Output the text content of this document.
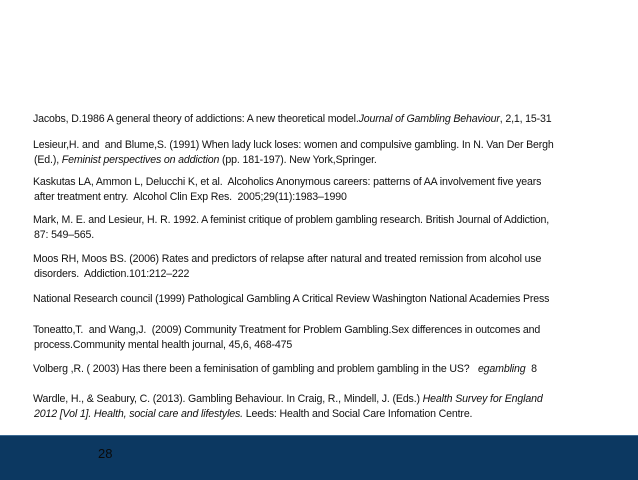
Jacobs, D.1986 A general theory of addictions: A new theoretical model.Journal of Gambling Behaviour, 2,1, 15-31
Lesieur,H. and  and Blume,S. (1991) When lady luck loses: women and compulsive gambling. In N. Van Der Bergh
(Ed.), Feminist perspectives on addiction (pp. 181-197). New York,Springer.
Kaskutas LA, Ammon L, Delucchi K, et al.  Alcoholics Anonymous careers: patterns of AA involvement five years
after treatment entry.  Alcohol Clin Exp Res.  2005;29(11):1983–1990
Mark, M. E. and Lesieur, H. R. 1992. A feminist critique of problem gambling research. British Journal of Addiction,
87: 549–565.
Moos RH, Moos BS. (2006) Rates and predictors of relapse after natural and treated remission from alcohol use
disorders.  Addiction.101:212–222
National Research council (1999) Pathological Gambling A Critical Review Washington National Academies Press
Toneatto,T.  and Wang,J.  (2009) Community Treatment for Problem Gambling.Sex differences in outcomes and
process.Community mental health journal, 45,6, 468-475
Volberg ,R. ( 2003) Has there been a feminisation of gambling and problem gambling in the US?   egambling  8
Wardle, H., & Seabury, C. (2013). Gambling Behaviour. In Craig, R., Mindell, J. (Eds.) Health Survey for England
2012 [Vol 1]. Health, social care and lifestyles. Leeds: Health and Social Care Infomation Centre.
28
